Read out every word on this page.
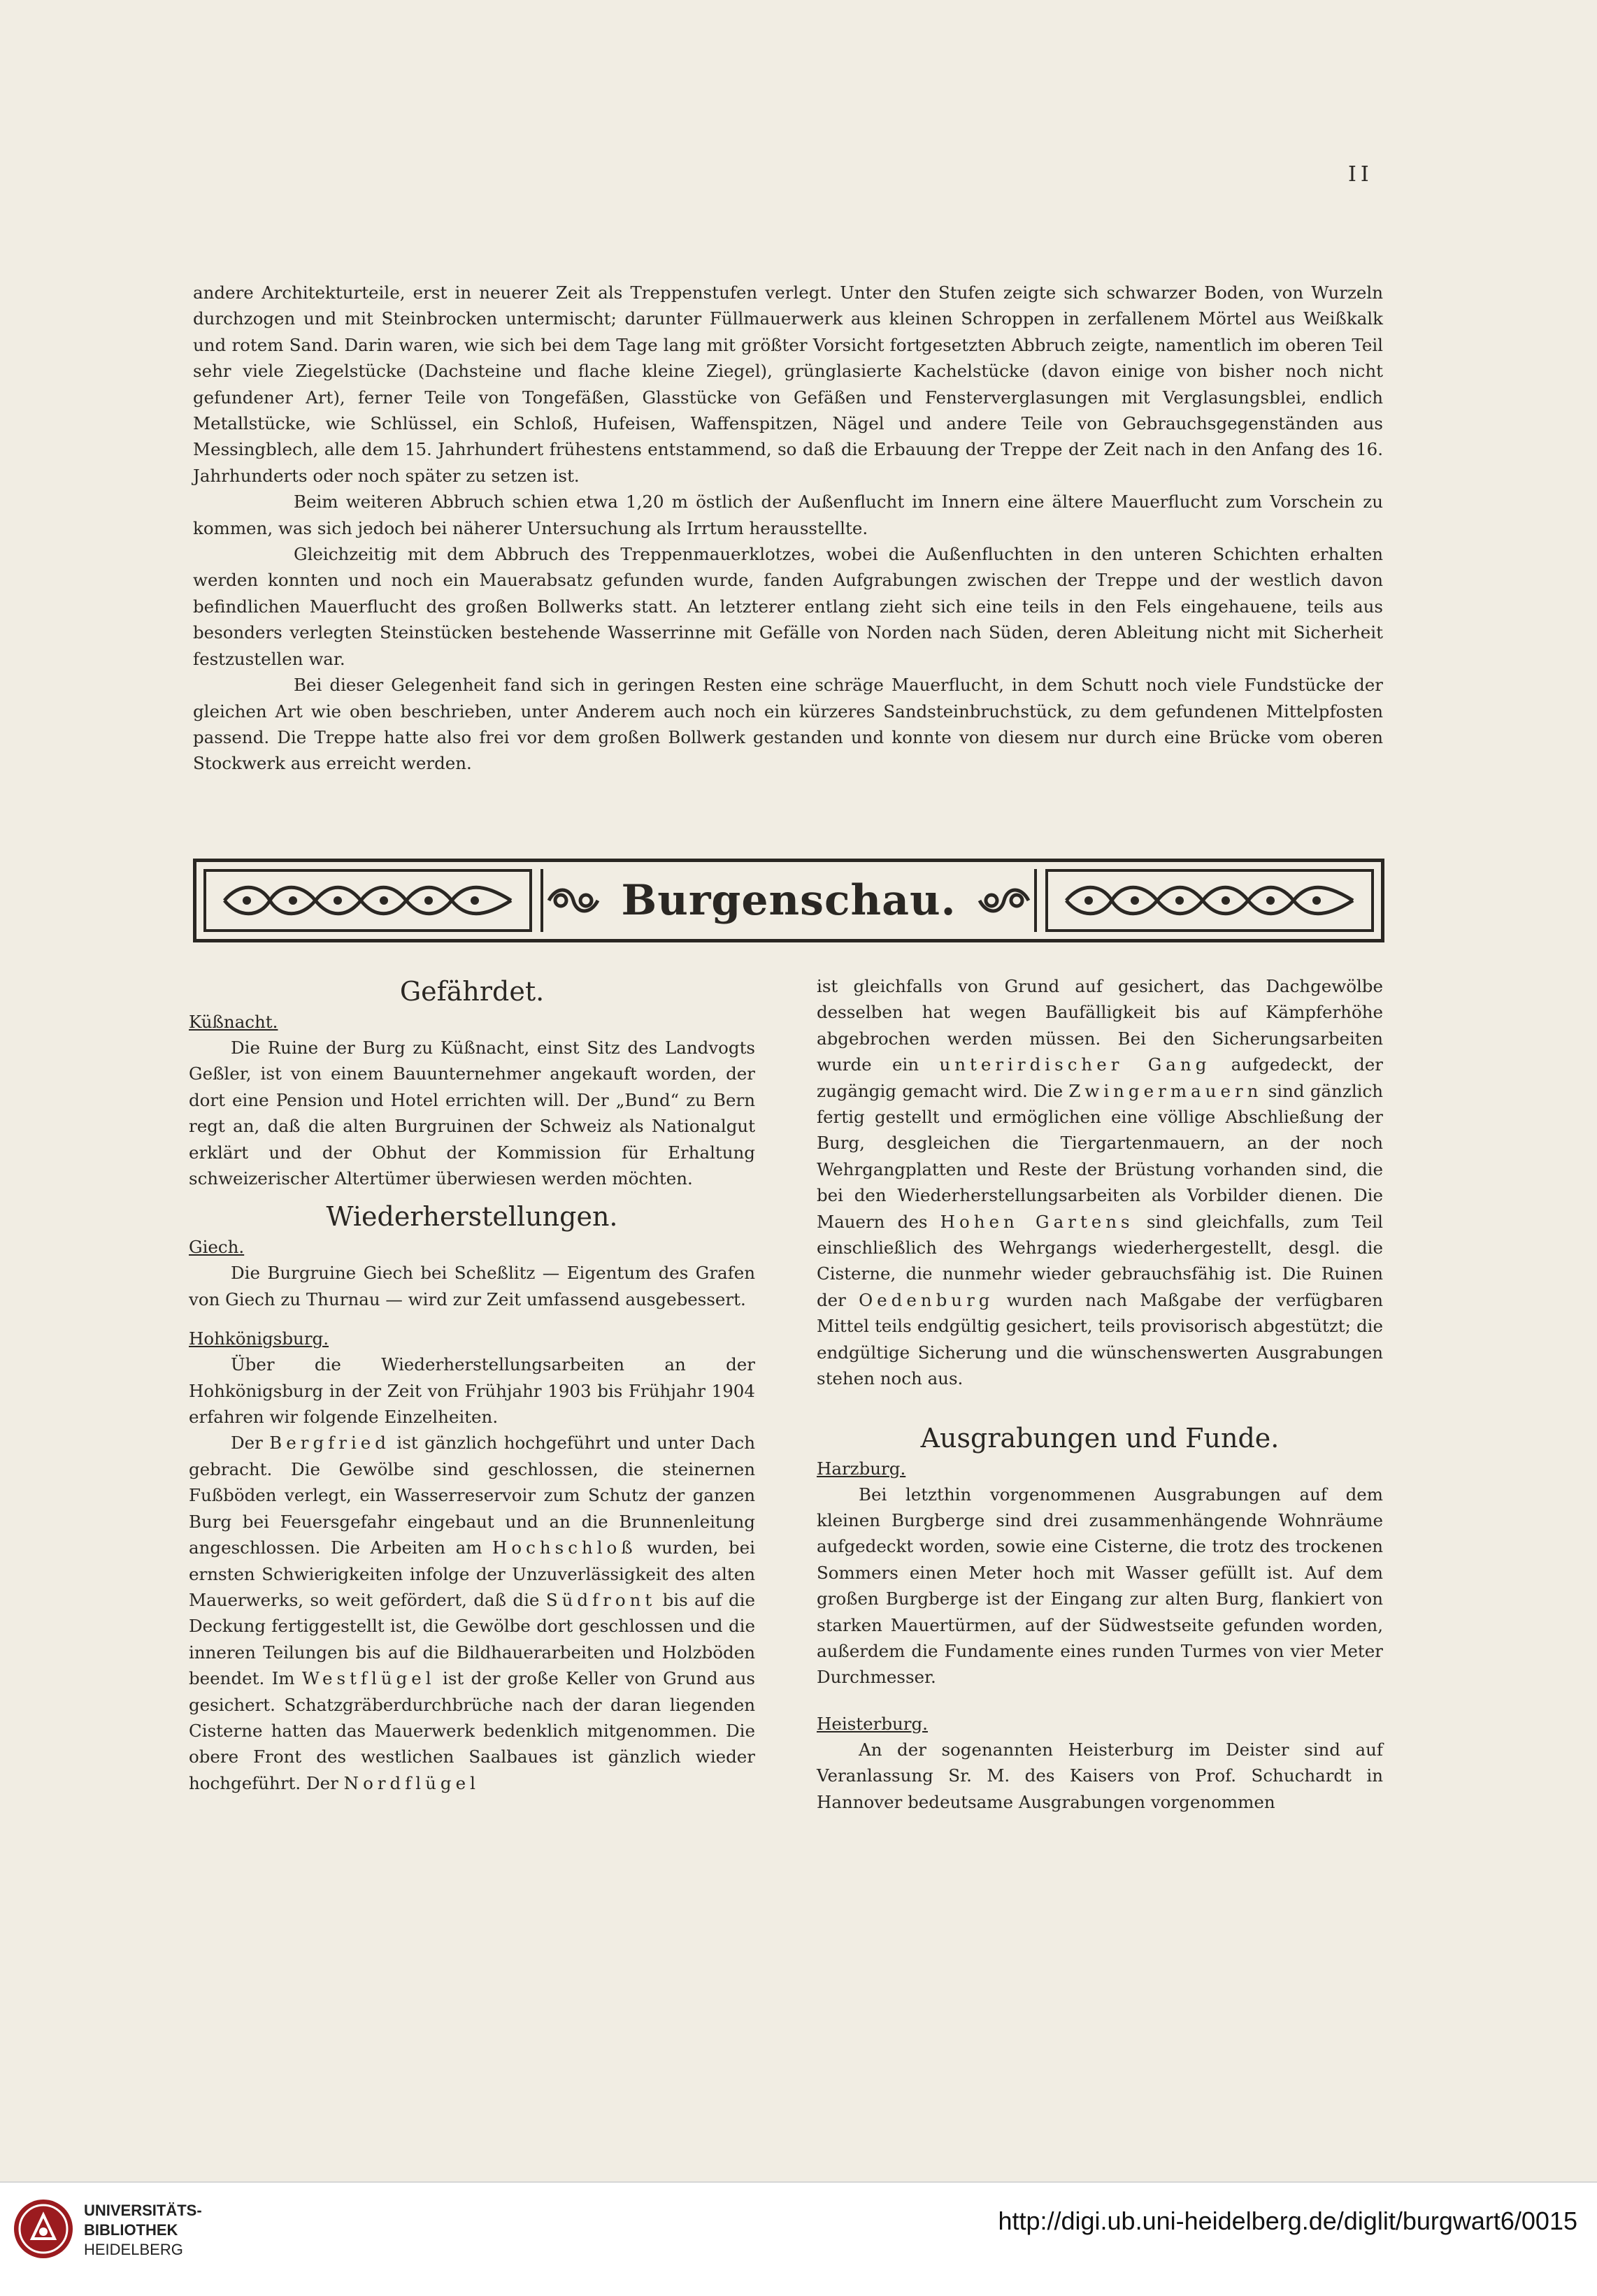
II

andere Architekturteile, erst in neuerer Zeit als Treppenstufen verlegt. Unter den Stufen zeigte sich schwarzer Boden, von Wurzeln durchzogen und mit Steinbrocken untermischt; darunter Füllmauerwerk aus kleinen Schroppen in zerfallenem Mörtel aus Weißkalk und rotem Sand. Darin waren, wie sich bei dem Tage lang mit größter Vorsicht fortgesetzten Abbruch zeigte, namentlich im oberen Teil sehr viele Ziegelstücke (Dachsteine und flache kleine Ziegel), grünglasierte Kachelstücke (davon einige von bisher noch nicht gefundener Art), ferner Teile von Tongefäßen, Glasstücke von Gefäßen und Fensterverglasungen mit Verglasungsblei, endlich Metallstücke, wie Schlüssel, ein Schloß, Hufeisen, Waffenspitzen, Nägel und andere Teile von Gebrauchsgegenständen aus Messingblech, alle dem 15. Jahrhundert frühestens entstammend, so daß die Erbauung der Treppe der Zeit nach in den Anfang des 16. Jahrhunderts oder noch später zu setzen ist.

Beim weiteren Abbruch schien etwa 1,20 m östlich der Außenflucht im Innern eine ältere Mauerflucht zum Vorschein zu kommen, was sich jedoch bei näherer Untersuchung als Irrtum herausstellte.

Gleichzeitig mit dem Abbruch des Treppenmauerklotzes, wobei die Außenfluchten in den unteren Schichten erhalten werden konnten und noch ein Mauerabsatz gefunden wurde, fanden Aufgrabungen zwischen der Treppe und der westlich davon befindlichen Mauerflucht des großen Bollwerks statt. An letzterer entlang zieht sich eine teils in den Fels eingehauene, teils aus besonders verlegten Steinstücken bestehende Wasserrinne mit Gefälle von Norden nach Süden, deren Ableitung nicht mit Sicherheit festzustellen war.

Bei dieser Gelegenheit fand sich in geringen Resten eine schräge Mauerflucht, in dem Schutt noch viele Fundstücke der gleichen Art wie oben beschrieben, unter Anderem auch noch ein kürzeres Sandsteinbruchstück, zu dem gefundenen Mittelpfosten passend. Die Treppe hatte also frei vor dem großen Bollwerk gestanden und konnte von diesem nur durch eine Brücke vom oberen Stockwerk aus erreicht werden.

Burgenschau.
Gefährdet.
Küßnacht.

Die Ruine der Burg zu Küßnacht, einst Sitz des Landvogts Geßler, ist von einem Bauunternehmer angekauft worden, der dort eine Pension und Hotel errichten will. Der „Bund“ zu Bern regt an, daß die alten Burgruinen der Schweiz als Nationalgut erklärt und der Obhut der Kommission für Erhaltung schweizerischer Altertümer überwiesen werden möchten.

Wiederherstellungen.
Giech.

Die Burgruine Giech bei Scheßlitz — Eigentum des Grafen von Giech zu Thurnau — wird zur Zeit umfassend ausgebessert.

Hohkönigsburg.

Über die Wiederherstellungsarbeiten an der Hohkönigsburg in der Zeit von Frühjahr 1903 bis Frühjahr 1904 erfahren wir folgende Einzelheiten.

Der Bergfried ist gänzlich hochgeführt und unter Dach gebracht. Die Gewölbe sind geschlossen, die steinernen Fußböden verlegt, ein Wasserreservoir zum Schutz der ganzen Burg bei Feuersgefahr eingebaut und an die Brunnenleitung angeschlossen. Die Arbeiten am Hochschloß wurden, bei ernsten Schwierigkeiten infolge der Unzuverlässigkeit des alten Mauerwerks, so weit gefördert, daß die Südfront bis auf die Deckung fertiggestellt ist, die Gewölbe dort geschlossen und die inneren Teilungen bis auf die Bildhauerarbeiten und Holzböden beendet. Im Westflügel ist der große Keller von Grund aus gesichert. Schatzgräberdurchbrüche nach der daran liegenden Cisterne hatten das Mauerwerk bedenklich mitgenommen. Die obere Front des westlichen Saalbaues ist gänzlich wieder hochgeführt. Der Nordflügel

ist gleichfalls von Grund auf gesichert, das Dachgewölbe desselben hat wegen Baufälligkeit bis auf Kämpferhöhe abgebrochen werden müssen. Bei den Sicherungsarbeiten wurde ein unterirdischer Gang aufgedeckt, der zugängig gemacht wird. Die Zwingermauern sind gänzlich fertig gestellt und ermöglichen eine völlige Abschließung der Burg, desgleichen die Tiergartenmauern, an der noch Wehrgangplatten und Reste der Brüstung vorhanden sind, die bei den Wiederherstellungsarbeiten als Vorbilder dienen. Die Mauern des Hohen Gartens sind gleichfalls, zum Teil einschließlich des Wehrgangs wiederhergestellt, desgl. die Cisterne, die nunmehr wieder gebrauchsfähig ist. Die Ruinen der Oedenburg wurden nach Maßgabe der verfügbaren Mittel teils endgültig gesichert, teils provisorisch abgestützt; die endgültige Sicherung und die wünschenswerten Ausgrabungen stehen noch aus.

Ausgrabungen und Funde.
Harzburg.

Bei letzthin vorgenommenen Ausgrabungen auf dem kleinen Burgberge sind drei zusammenhängende Wohnräume aufgedeckt worden, sowie eine Cisterne, die trotz des trockenen Sommers einen Meter hoch mit Wasser gefüllt ist. Auf dem großen Burgberge ist der Eingang zur alten Burg, flankiert von starken Mauertürmen, auf der Südwestseite gefunden worden, außerdem die Fundamente eines runden Turmes von vier Meter Durchmesser.

Heisterburg.

An der sogenannten Heisterburg im Deister sind auf Veranlassung Sr. M. des Kaisers von Prof. Schuchardt in Hannover bedeutsame Ausgrabungen vorgenommen

UNIVERSITÄTS-
BIBLIOTHEK
HEIDELBERG
http://digi.ub.uni-heidelberg.de/diglit/burgwart6/0015
